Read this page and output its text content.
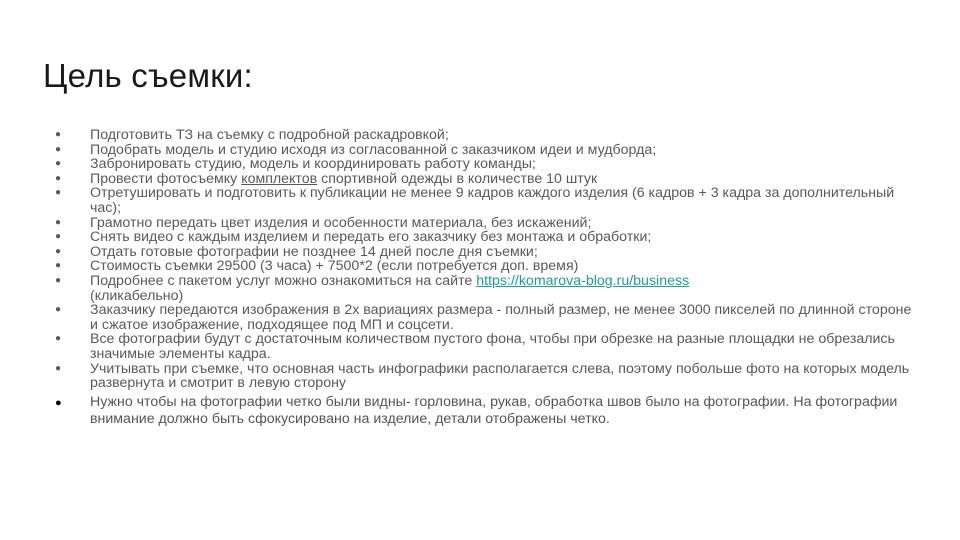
Цель съемки:
● Подготовить ТЗ на съемку с подробной раскадровкой;
● Подобрать модель и студию исходя из согласованной с заказчиком идеи и мудборда;
● Забронировать студию, модель и координировать работу команды;
● Провести фотосъемку комплектов спортивной одежды в количестве 10 штук
● Отретушировать и подготовить к публикации не менее 9 кадров каждого изделия (6 кадров + 3 кадра за дополнительный час);
● Грамотно передать цвет изделия и особенности материала, без искажений;
● Снять видео с каждым изделием и передать его заказчику без монтажа и обработки;
● Отдать готовые фотографии не позднее 14 дней после дня съемки;
● Стоимость съемки 29500 (3 часа) + 7500*2 (если потребуется доп. время)
● Подробнее с пакетом услуг можно ознакомиться на сайте https://komarova-blog.ru/business
(кликабельно)
● Заказчику передаются изображения в 2х вариациях размера - полный размер, не менее 3000 пикселей по длинной стороне и сжатое изображение, подходящее под МП и соцсети.
● Все фотографии будут с достаточным количеством пустого фона, чтобы при обрезке на разные площадки не обрезались значимые элементы кадра.
● Учитывать при съемке, что основная часть инфографики располагается слева, поэтому побольше фото на которых модель развернута и смотрит в левую сторону
● Нужно чтобы на фотографии четко были видны- горловина, рукав, обработка швов было на фотографии. На фотографии внимание должно быть сфокусировано на изделие, детали отображены четко.
